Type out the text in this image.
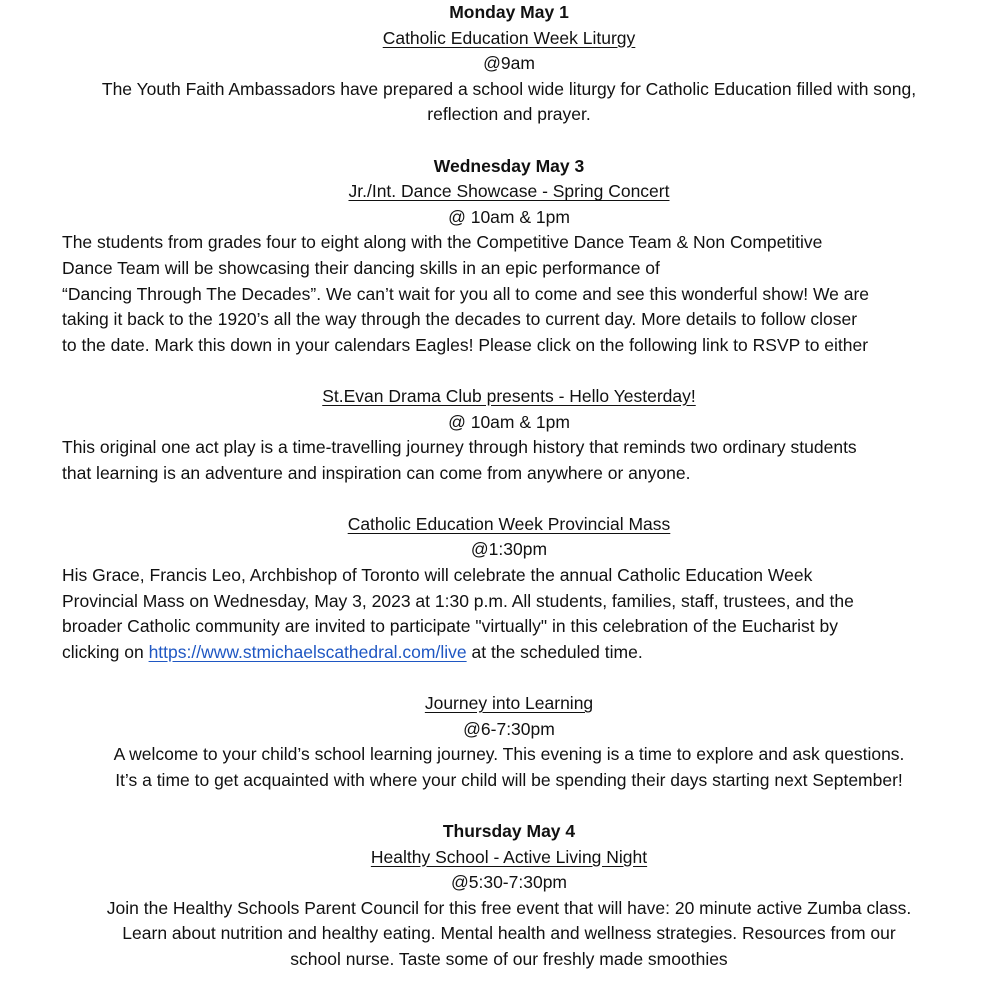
Monday May 1

Catholic Education Week Liturgy

@9am

The Youth Faith Ambassadors have prepared a school wide liturgy for Catholic Education filled with song,

reflection and prayer.

Wednesday May 3

Jr./Int. Dance Showcase - Spring Concert

@ 10am & 1pm

The students from grades four to eight along with the Competitive Dance Team & Non Competitive

Dance Team will be showcasing their dancing skills in an epic performance of

“Dancing Through The Decades”. We can’t wait for you all to come and see this wonderful show! We are

taking it back to the 1920’s all the way through the decades to current day. More details to follow closer

to the date. Mark this down in your calendars Eagles! Please click on the following link to RSVP to either

St.Evan Drama Club presents - Hello Yesterday!

@ 10am & 1pm

This original one act play is a time-travelling journey through history that reminds two ordinary students

that learning is an adventure and inspiration can come from anywhere or anyone.

Catholic Education Week Provincial Mass

@1:30pm

His Grace, Francis Leo, Archbishop of Toronto will celebrate the annual Catholic Education Week

Provincial Mass on Wednesday, May 3, 2023 at 1:30 p.m. All students, families, staff, trustees, and the

broader Catholic community are invited to participate "virtually" in this celebration of the Eucharist by

clicking on https://www.stmichaelscathedral.com/live at the scheduled time.

Journey into Learning

@6-7:30pm

A welcome to your child’s school learning journey. This evening is a time to explore and ask questions.

It’s a time to get acquainted with where your child will be spending their days starting next September!

Thursday May 4

Healthy School - Active Living Night

@5:30-7:30pm

Join the Healthy Schools Parent Council for this free event that will have: 20 minute active Zumba class.

Learn about nutrition and healthy eating. Mental health and wellness strategies. Resources from our

school nurse. Taste some of our freshly made smoothies
